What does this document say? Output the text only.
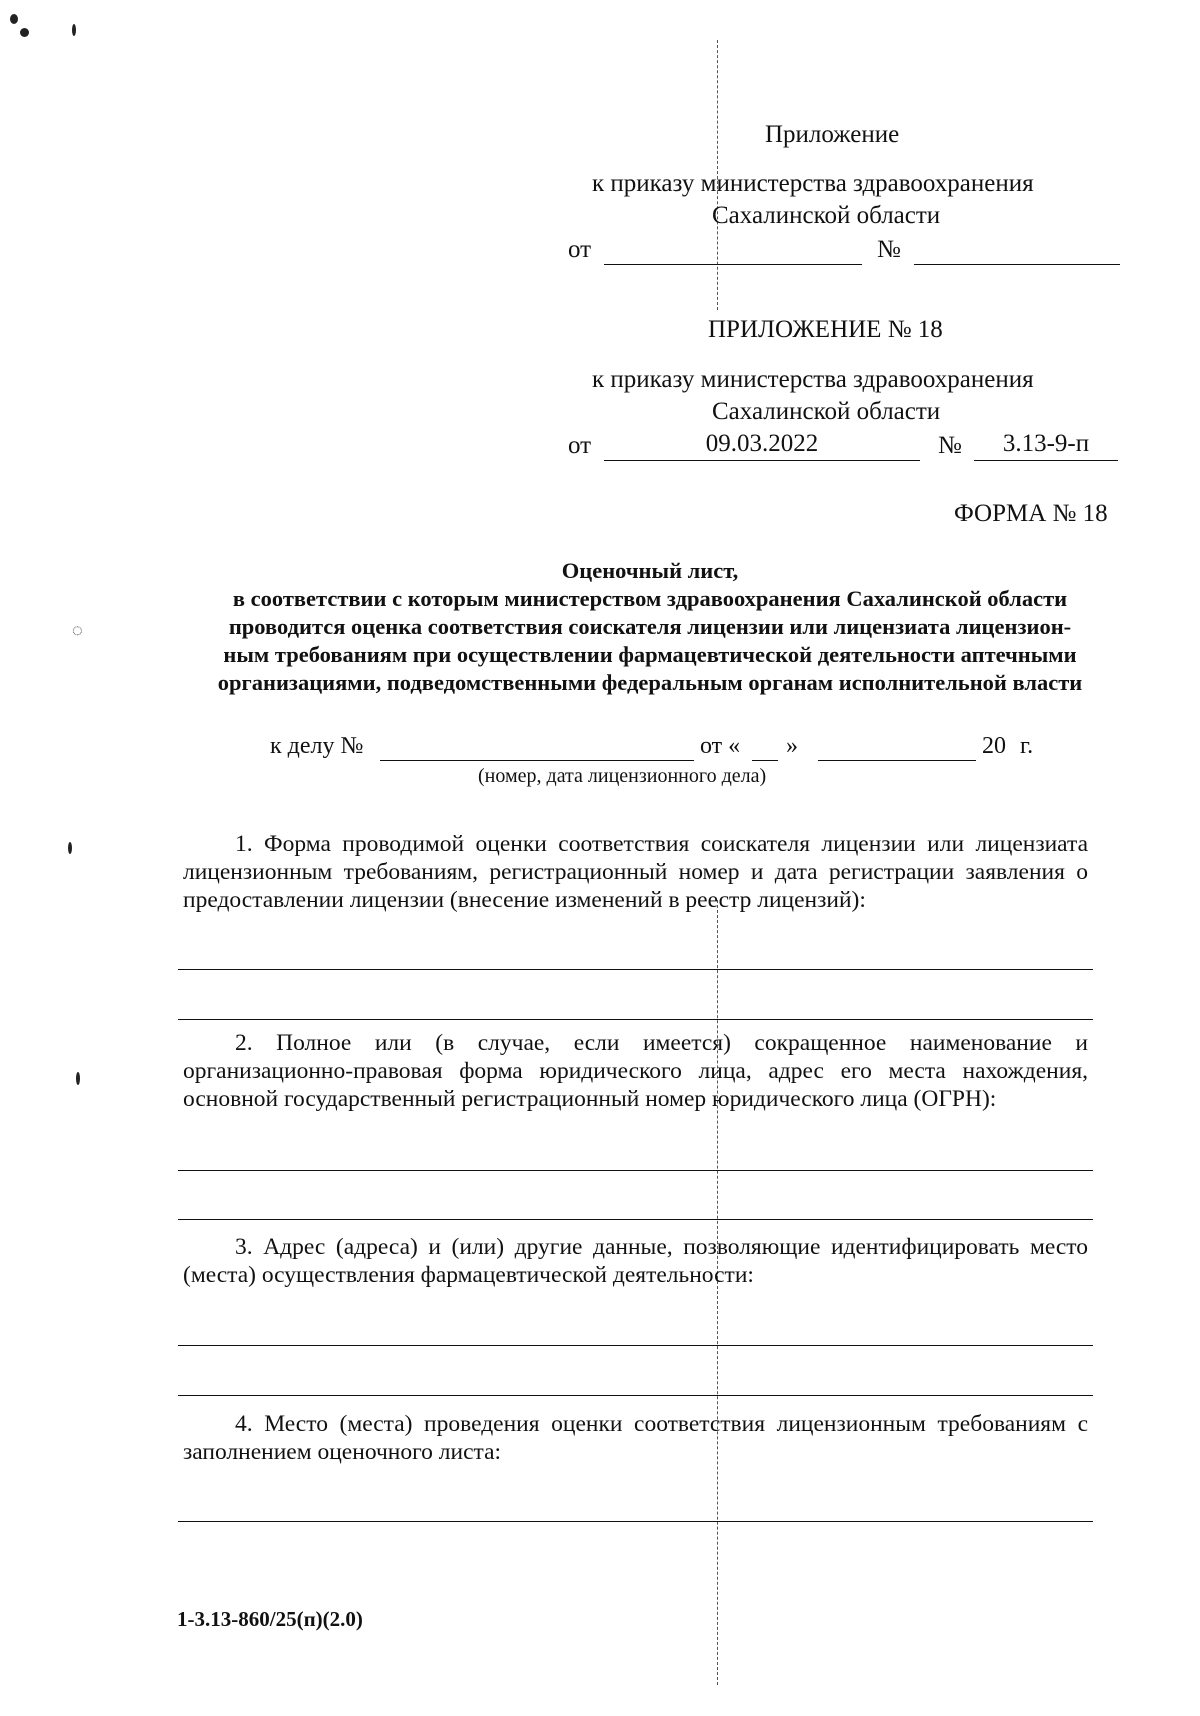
◌
Приложение
к приказу министерства здравоохранения
Сахалинской области
от	№
ПРИЛОЖЕНИЕ № 18
к приказу министерства здравоохранения
Сахалинской области
от	09.03.2022	№	3.13-9-п
ФОРМА № 18
Оценочный лист,
в соответствии с которым министерством здравоохранения Сахалинской области
проводится оценка соответствия соискателя лицензии или лицензиата лицензион-
ным требованиям при осуществлении фармацевтической деятельности аптечными
организациями, подведомственными федеральным органам исполнительной власти
к делу №	от « »	20 г.
(номер, дата лицензионного дела)
1. Форма проводимой оценки соответствия соискателя лицензии или лицензиата лицензионным требованиям, регистрационный номер и дата регистрации заявления о предоставлении лицензии (внесение изменений в реестр лицензий):
2. Полное или (в случае, если имеется) сокращенное наименование и организационно-правовая форма юридического лица, адрес его места нахождения, основной государственный регистрационный номер юридического лица (ОГРН):
3. Адрес (адреса) и (или) другие данные, позволяющие идентифицировать место (места) осуществления фармацевтической деятельности:
4. Место (места) проведения оценки соответствия лицензионным требованиям с заполнением оценочного листа:
1-3.13-860/25(п)(2.0)
